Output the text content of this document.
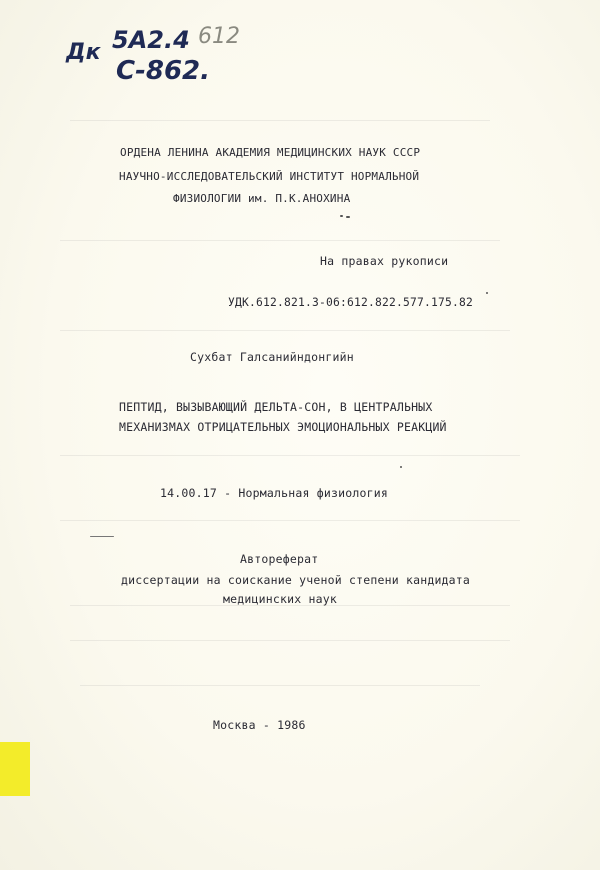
Дк 5А2.4 612
С-862.
ОРДЕНА ЛЕНИНА АКАДЕМИЯ МЕДИЦИНСКИХ НАУК СССР
НАУЧНО-ИССЛЕДОВАТЕЛЬСКИЙ ИНСТИТУТ НОРМАЛЬНОЙ
ФИЗИОЛОГИИ им. П.К.АНОХИНА
На правах рукописи
УДК.612.821.3-06:612.822.577.175.82
Сухбат Галсанийндонгийн
ПЕПТИД, ВЫЗЫВАЮЩИЙ ДЕЛЬТА-СОН, В ЦЕНТРАЛЬНЫХ
МЕХАНИЗМАХ ОТРИЦАТЕЛЬНЫХ ЭМОЦИОНАЛЬНЫХ РЕАКЦИЙ
14.00.17 - Нормальная физиология
Автореферат
диссертации на соискание ученой степени кандидата
медицинских наук
Москва - 1986
